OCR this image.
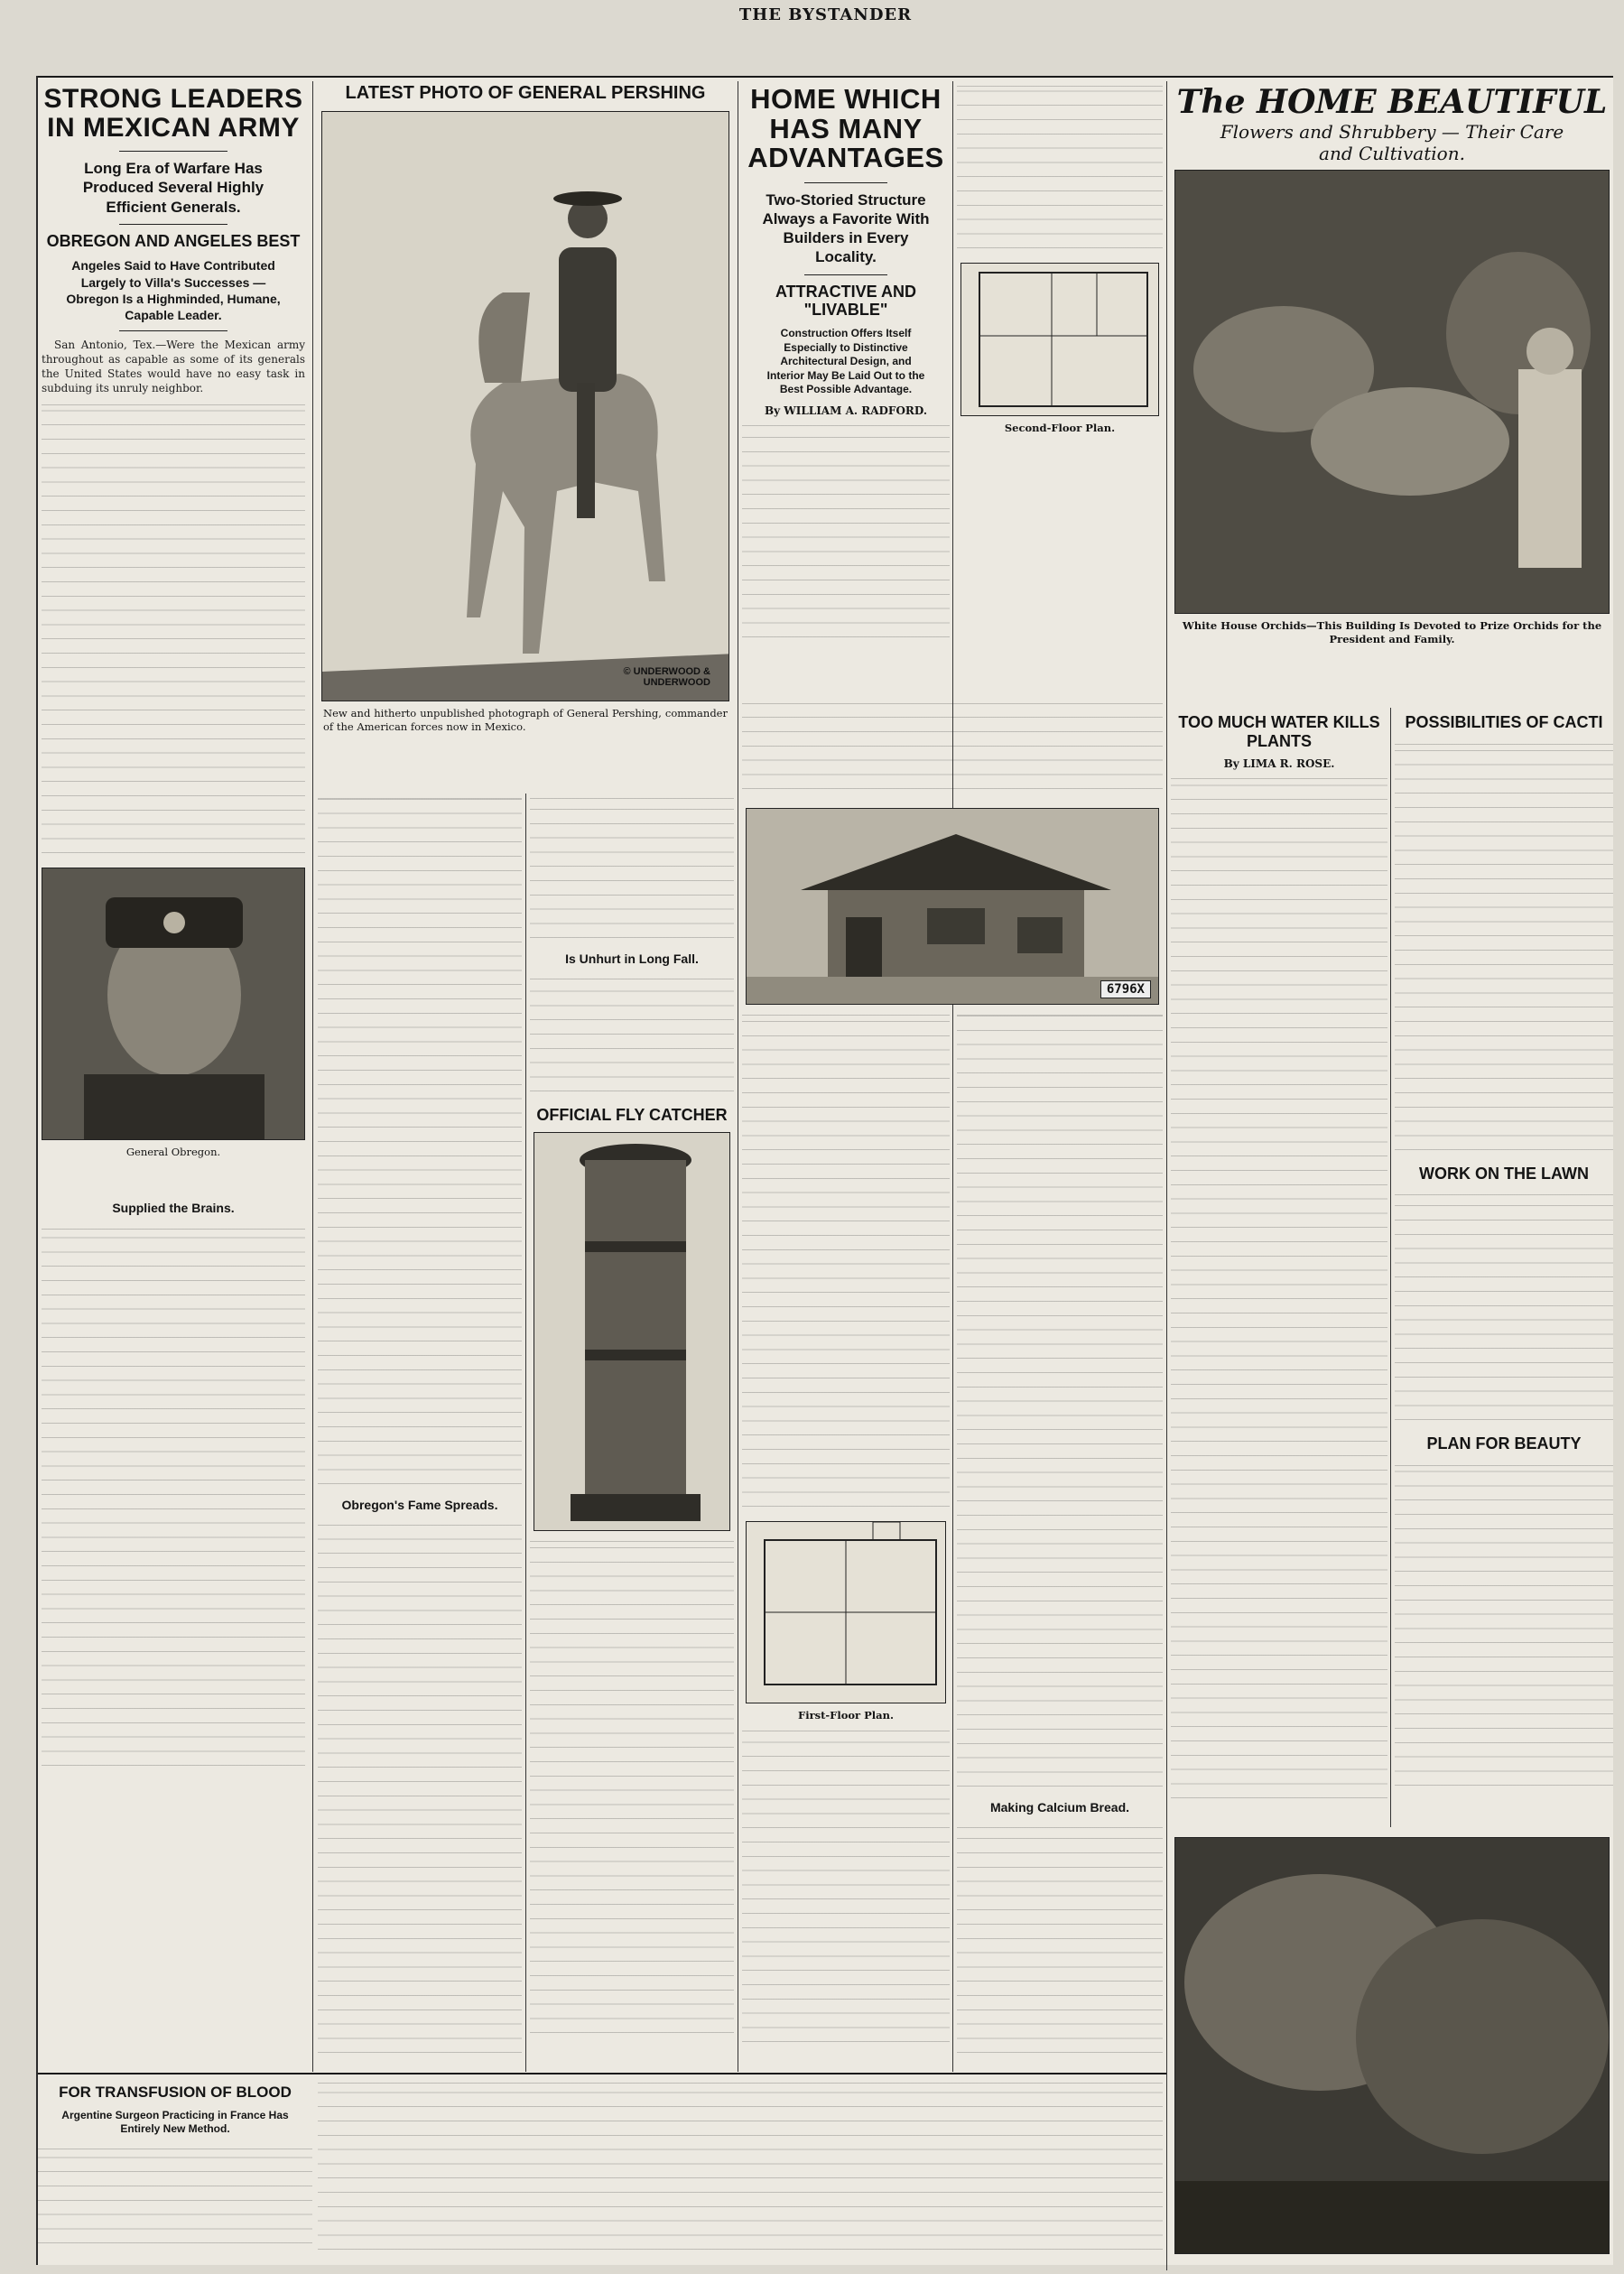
THE BYSTANDER
STRONG LEADERS IN MEXICAN ARMY
Long Era of Warfare Has Produced Several Highly Efficient Generals.
OBREGON AND ANGELES BEST
Angeles Said to Have Contributed Largely to Villa's Successes — Obregon Is a Highminded, Humane, Capable Leader.

San Antonio, Tex.—Were the Mexican army throughout as capable as some of its generals the United States would have no easy task in subduing its unruly neighbor.

General Obregon.
Supplied the Brains.
LATEST PHOTO OF GENERAL PERSHING
© UNDERWOOD & UNDERWOOD
New and hitherto unpublished photograph of General Pershing, commander of the American forces now in Mexico.
Obregon's Fame Spreads.
Is Unhurt in Long Fall.
OFFICIAL FLY CATCHER
HOME WHICH HAS MANY ADVANTAGES
Two-Storied Structure Always a Favorite With Builders in Every Locality.
ATTRACTIVE AND "LIVABLE"
Construction Offers Itself Especially to Distinctive Architectural Design, and Interior May Be Laid Out to the Best Possible Advantage.
By WILLIAM A. RADFORD.
Second-Floor Plan.
6796X
First-Floor Plan.
Making Calcium Bread.
The HOME BEAUTIFUL
Flowers and Shrubbery — Their Care and Cultivation.
White House Orchids—This Building Is Devoted to Prize Orchids for the President and Family.
TOO MUCH WATER KILLS PLANTS
By LIMA R. ROSE.
POSSIBILITIES OF CACTI
WORK ON THE LAWN
PLAN FOR BEAUTY
FOR TRANSFUSION OF BLOOD
Argentine Surgeon Practicing in France Has Entirely New Method.
